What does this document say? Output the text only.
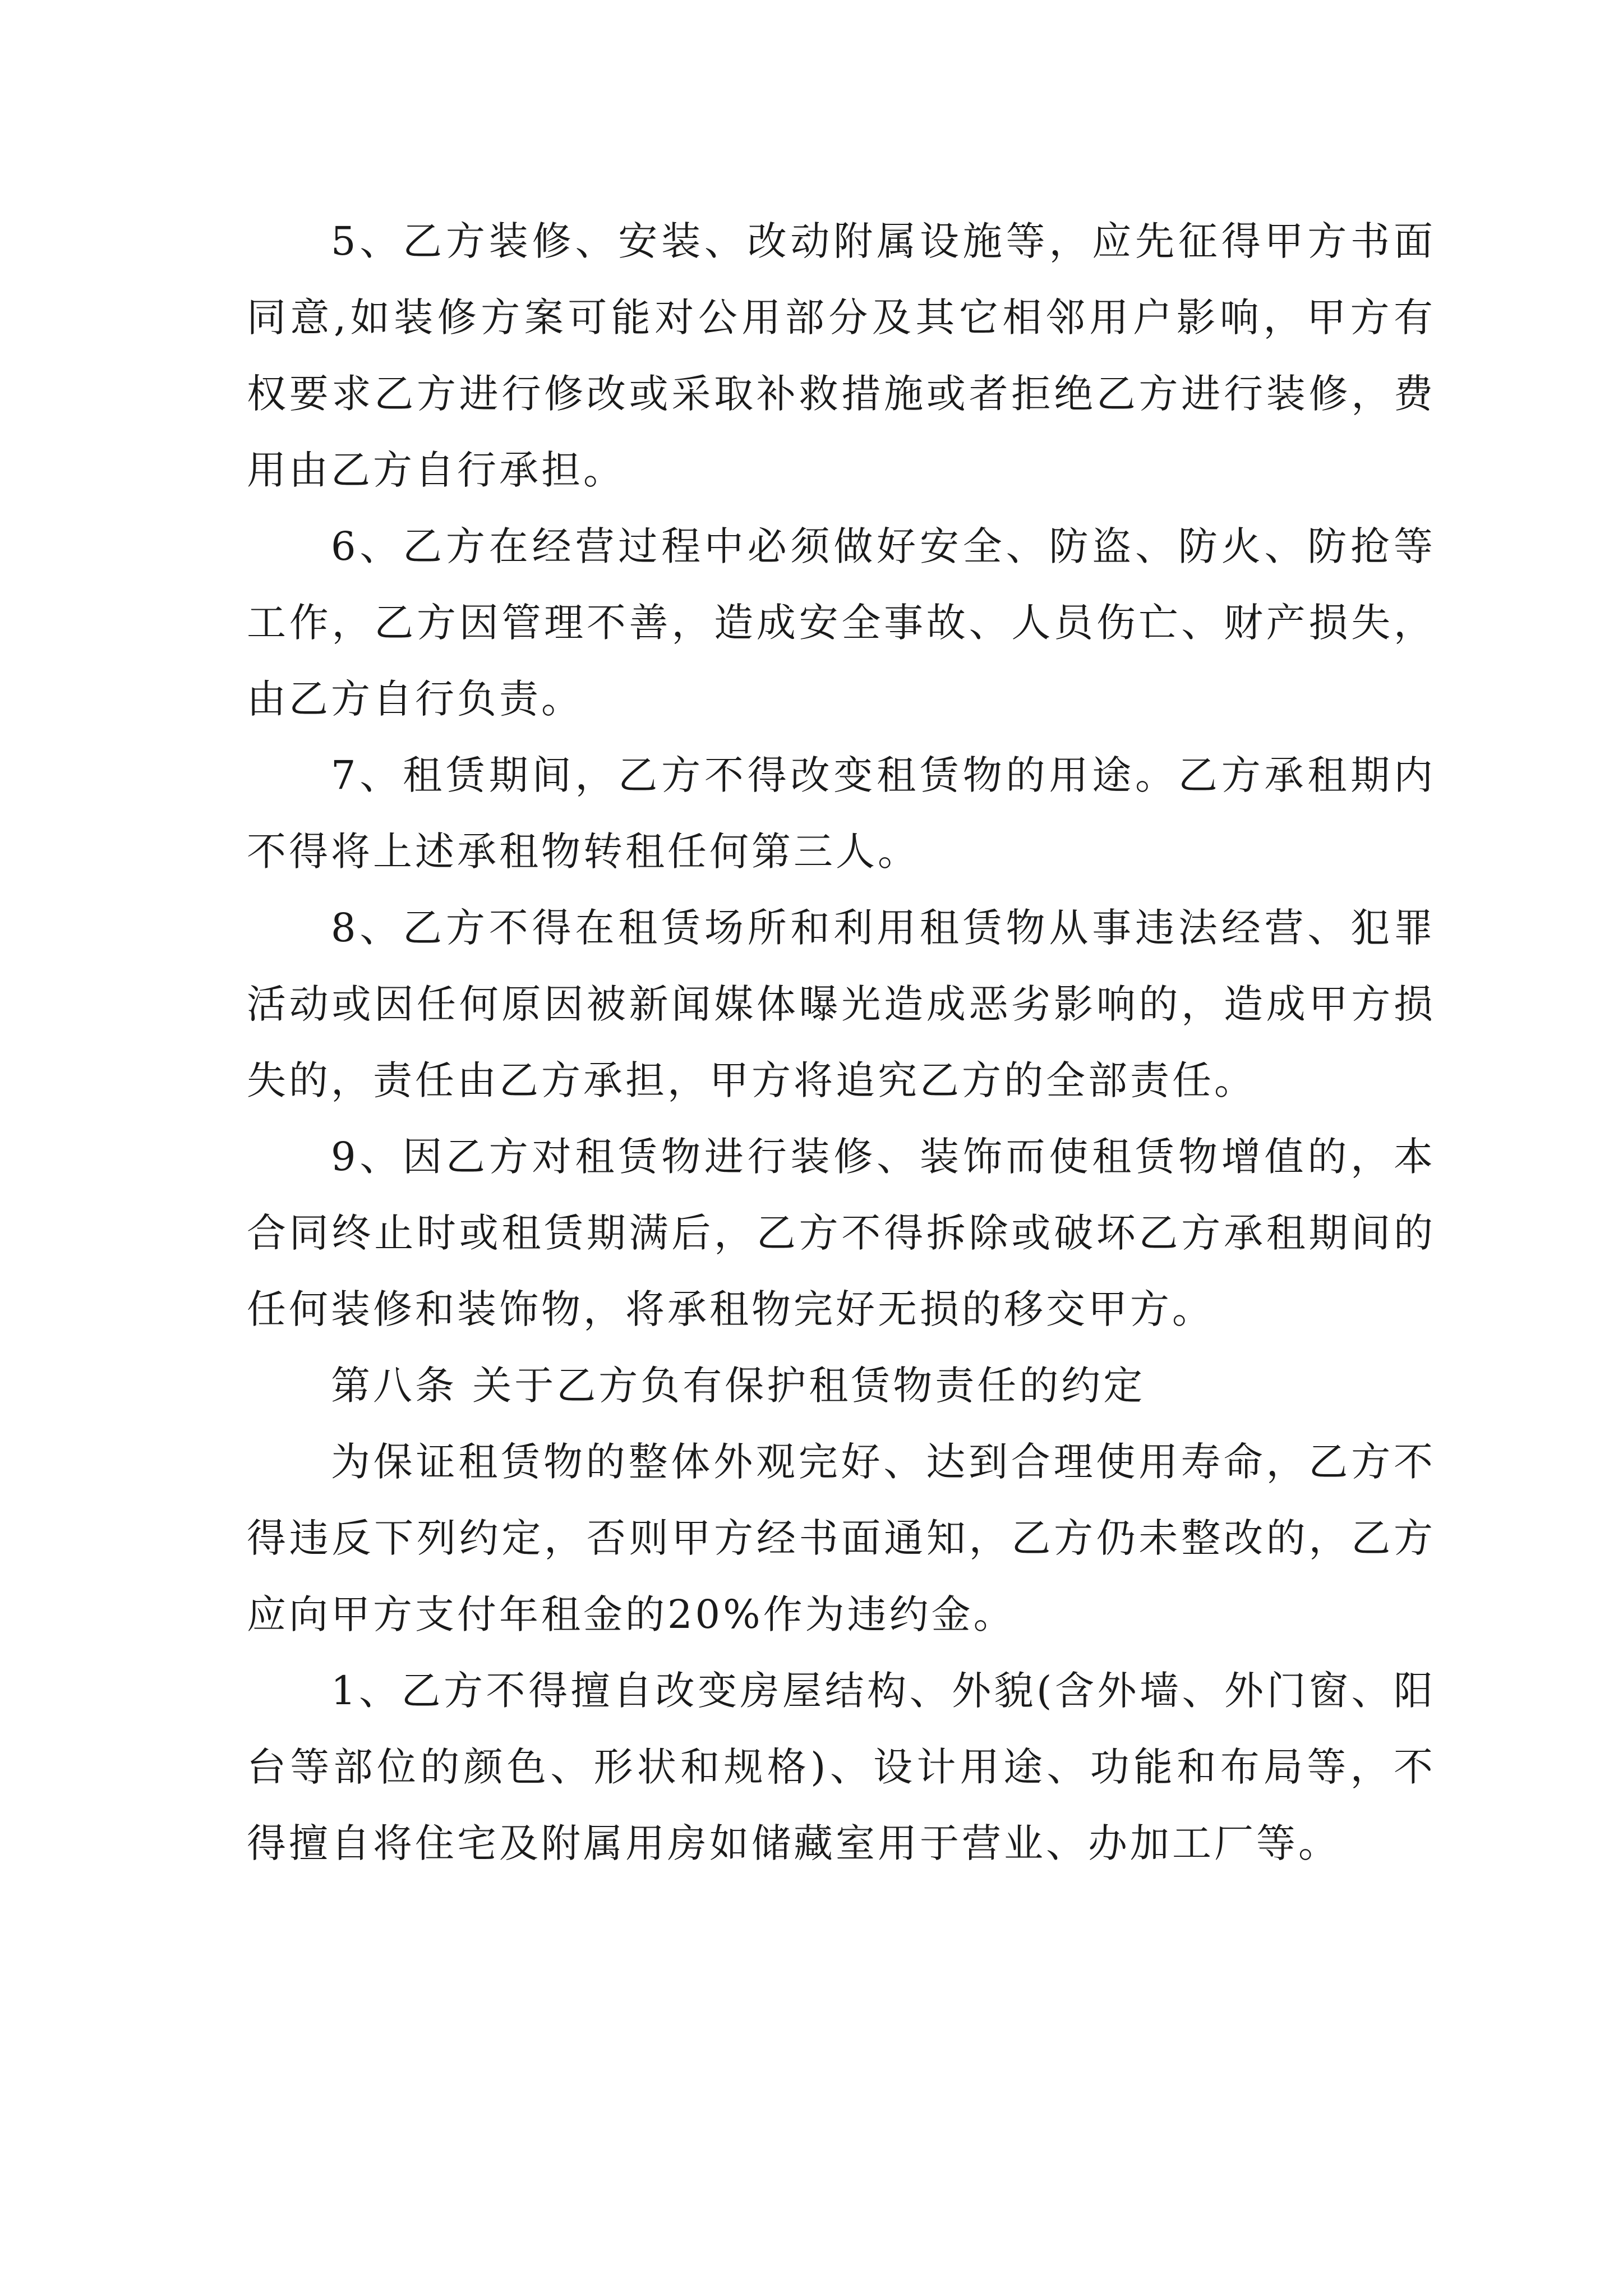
5、乙方装修、安装、改动附属设施等，应先征得甲方书面同意,如装修方案可能对公用部分及其它相邻用户影响，甲方有权要求乙方进行修改或采取补救措施或者拒绝乙方进行装修，费用由乙方自行承担。

6、乙方在经营过程中必须做好安全、防盗、防火、防抢等工作，乙方因管理不善，造成安全事故、人员伤亡、财产损失，由乙方自行负责。

7、租赁期间，乙方不得改变租赁物的用途。乙方承租期内不得将上述承租物转租任何第三人。

8、乙方不得在租赁场所和利用租赁物从事违法经营、犯罪活动或因任何原因被新闻媒体曝光造成恶劣影响的，造成甲方损失的，责任由乙方承担，甲方将追究乙方的全部责任。

9、因乙方对租赁物进行装修、装饰而使租赁物增值的，本合同终止时或租赁期满后，乙方不得拆除或破坏乙方承租期间的任何装修和装饰物，将承租物完好无损的移交甲方。

第八条 关于乙方负有保护租赁物责任的约定

为保证租赁物的整体外观完好、达到合理使用寿命，乙方不得违反下列约定，否则甲方经书面通知，乙方仍未整改的，乙方应向甲方支付年租金的20%作为违约金。

1、乙方不得擅自改变房屋结构、外貌(含外墙、外门窗、阳台等部位的颜色、形状和规格)、设计用途、功能和布局等，不得擅自将住宅及附属用房如储藏室用于营业、办加工厂等。
